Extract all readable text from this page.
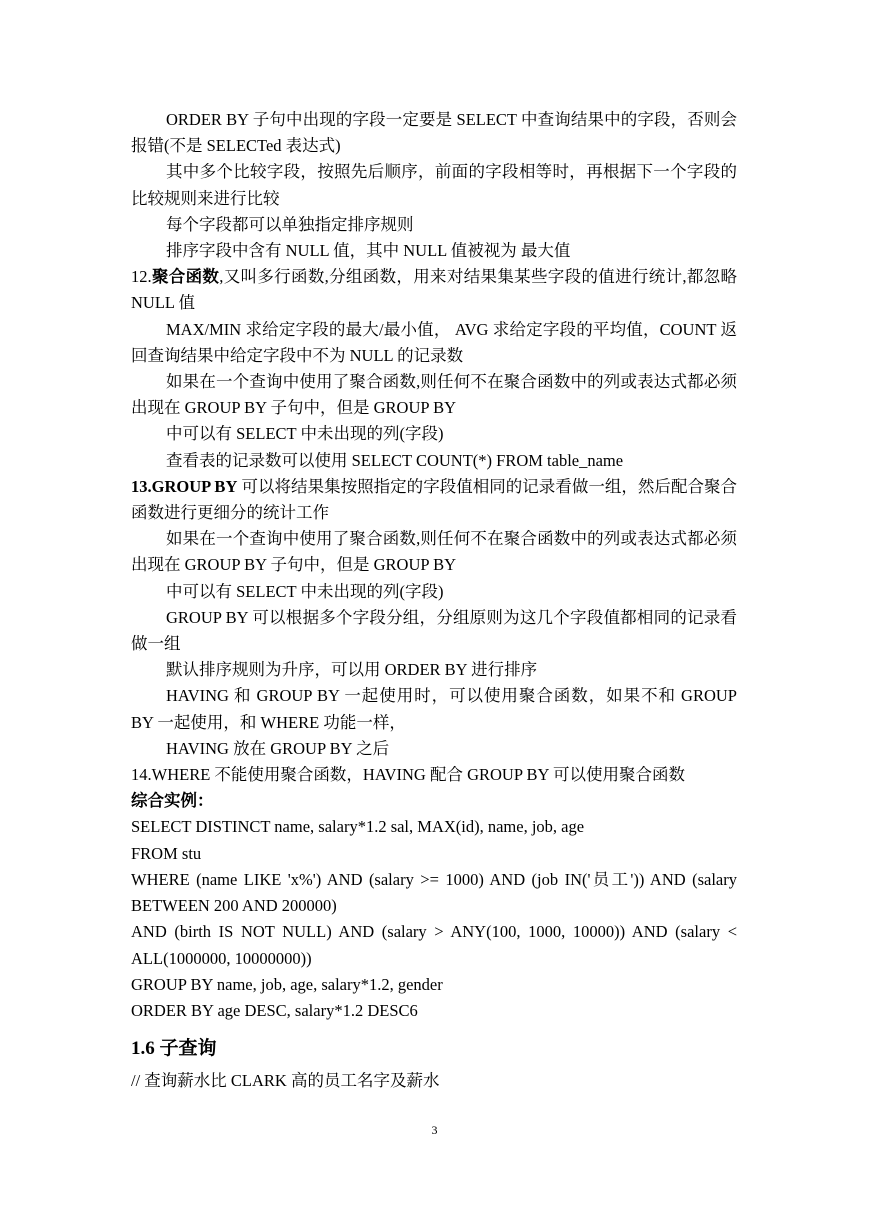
ORDER BY 子句中出现的字段一定要是 SELECT 中查询结果中的字段，否则会报错(不是 SELECTed 表达式)

其中多个比较字段，按照先后顺序，前面的字段相等时，再根据下一个字段的比较规则来进行比较

每个字段都可以单独指定排序规则

排序字段中含有 NULL 值，其中 NULL 值被视为 最大值

12.聚合函数,又叫多行函数,分组函数，用来对结果集某些字段的值进行统计,都忽略 NULL 值

MAX/MIN 求给定字段的最大/最小值， AVG 求给定字段的平均值，COUNT 返回查询结果中给定字段中不为 NULL 的记录数

如果在一个查询中使用了聚合函数,则任何不在聚合函数中的列或表达式都必须出现在 GROUP BY 子句中，但是 GROUP BY

中可以有 SELECT 中未出现的列(字段)

查看表的记录数可以使用 SELECT COUNT(*) FROM table_name

13.GROUP BY 可以将结果集按照指定的字段值相同的记录看做一组，然后配合聚合函数进行更细分的统计工作

如果在一个查询中使用了聚合函数,则任何不在聚合函数中的列或表达式都必须出现在 GROUP BY 子句中，但是 GROUP BY

中可以有 SELECT 中未出现的列(字段)

GROUP BY 可以根据多个字段分组，分组原则为这几个字段值都相同的记录看做一组

默认排序规则为升序，可以用 ORDER BY 进行排序

HAVING 和 GROUP BY 一起使用时，可以使用聚合函数，如果不和 GROUP BY 一起使用，和 WHERE 功能一样，

HAVING 放在 GROUP BY 之后

14.WHERE 不能使用聚合函数，HAVING 配合 GROUP BY 可以使用聚合函数

综合实例：

SELECT DISTINCT name, salary*1.2 sal, MAX(id), name, job, age

FROM stu

WHERE (name LIKE 'x%') AND (salary >= 1000) AND (job IN('员工')) AND (salary BETWEEN 200 AND 200000)

AND (birth IS NOT NULL) AND (salary > ANY(100, 1000, 10000)) AND (salary < ALL(1000000, 10000000))

GROUP BY name, job, age, salary*1.2, gender

ORDER BY age DESC, salary*1.2 DESC6

1.6 子查询

// 查询薪水比 CLARK 高的员工名字及薪水

3
